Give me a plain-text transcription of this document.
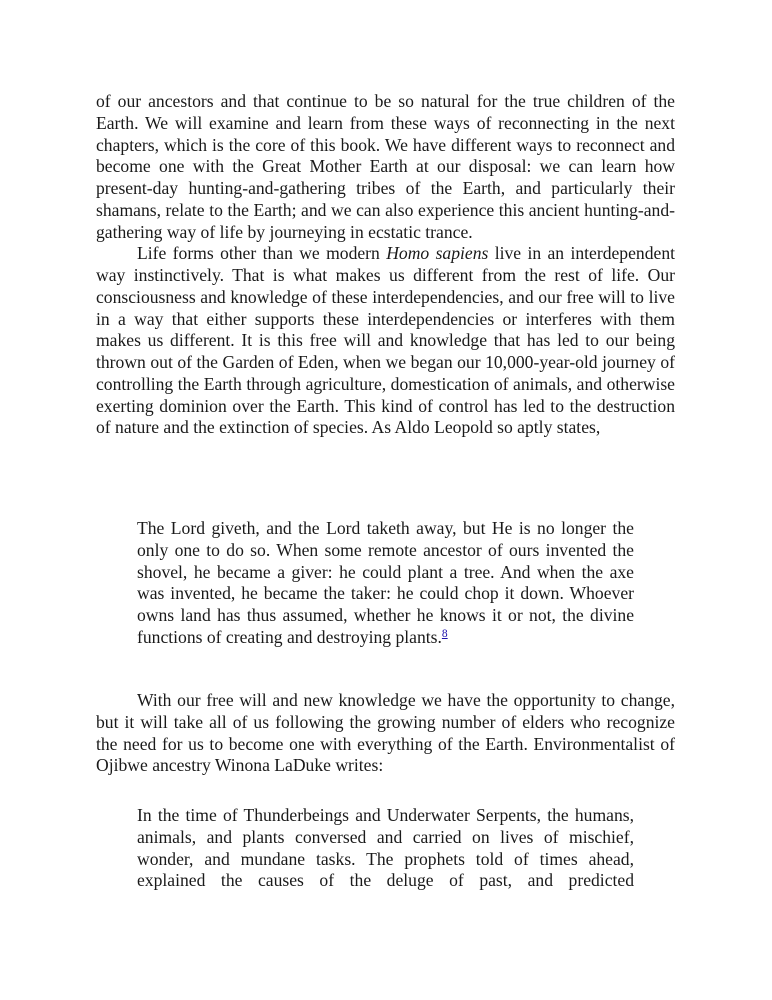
of our ancestors and that continue to be so natural for the true children of the Earth. We will examine and learn from these ways of reconnecting in the next chapters, which is the core of this book. We have different ways to reconnect and become one with the Great Mother Earth at our disposal: we can learn how present-day hunting-and-gathering tribes of the Earth, and particularly their shamans, relate to the Earth; and we can also experience this ancient hunting-and-gathering way of life by journeying in ecstatic trance.

Life forms other than we modern Homo sapiens live in an interdependent way instinctively. That is what makes us different from the rest of life. Our consciousness and knowledge of these interdependencies, and our free will to live in a way that either supports these interdependencies or interferes with them makes us different. It is this free will and knowledge that has led to our being thrown out of the Garden of Eden, when we began our 10,000-year-old journey of controlling the Earth through agriculture, domestication of animals, and otherwise exerting dominion over the Earth. This kind of control has led to the destruction of nature and the extinction of species. As Aldo Leopold so aptly states,

The Lord giveth, and the Lord taketh away, but He is no longer the only one to do so. When some remote ancestor of ours invented the shovel, he became a giver: he could plant a tree. And when the axe was invented, he became the taker: he could chop it down. Whoever owns land has thus assumed, whether he knows it or not, the divine functions of creating and destroying plants.$^8$

With our free will and new knowledge we have the opportunity to change, but it will take all of us following the growing number of elders who recognize the need for us to become one with everything of the Earth. Environmentalist of Ojibwe ancestry Winona LaDuke writes:

In the time of Thunderbeings and Underwater Serpents, the humans, animals, and plants conversed and carried on lives of mischief, wonder, and mundane tasks. The prophets told of times ahead, explained the causes of the deluge of past, and predicted
